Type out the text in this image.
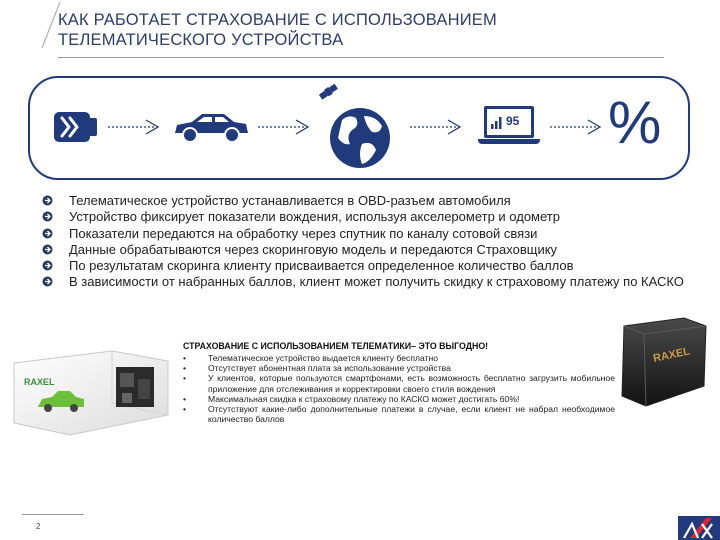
КАК РАБОТАЕТ СТРАХОВАНИЕ С ИСПОЛЬЗОВАНИЕМ
ТЕЛЕМАТИЧЕСКОГО УСТРОЙСТВА
95 %
Телематическое устройство устанавливается в OBD-разъем автомобиля
Устройство фиксирует показатели вождения, используя акселерометр и одометр
Показатели передаются на обработку через спутник по каналу сотовой связи
Данные обрабатываются через скоринговую модель и передаются Страховщику
По результатам скоринга клиенту присваивается определенное количество баллов
В зависимости от набранных баллов, клиент может получить скидку к страховому платежу по КАСКО
RAXEL
СТРАХОВАНИЕ С ИСПОЛЬЗОВАНИЕМ ТЕЛЕМАТИКИ– ЭТО ВЫГОДНО!
•	Телематическое устройство выдается клиенту бесплатно
•	Отсутствует абонентная плата за использование устройства
•	У клиентов, которые пользуются смартфонами, есть возможность бесплатно загрузить мобильное приложение для отслеживания и корректировки своего стиля вождения
•	Максимальная скидка к страховому платежу по КАСКО может достигать 60%!
•	Отсутствуют какие-либо дополнительные платежи в случае, если клиент не набрал необходимое количество баллов
RAXEL
2
